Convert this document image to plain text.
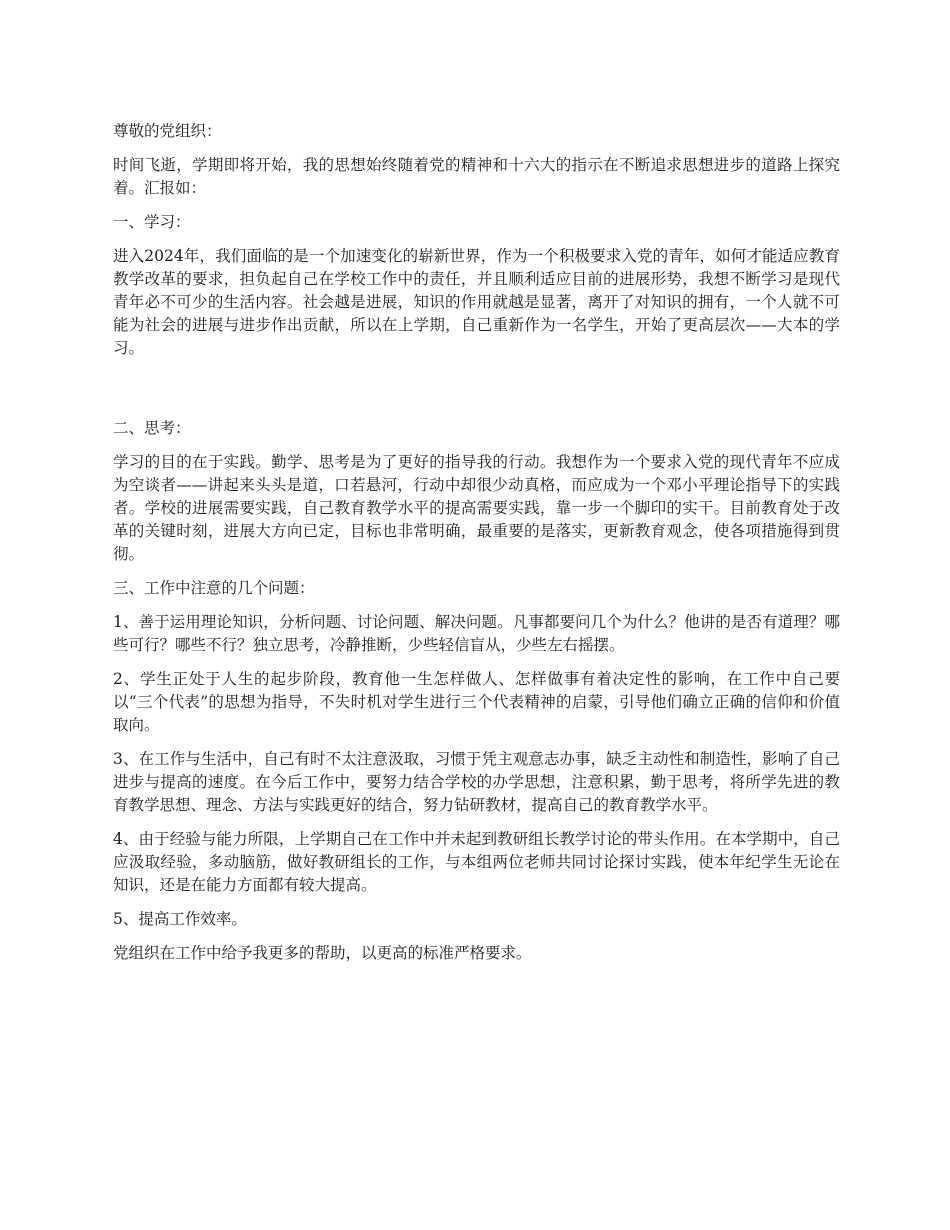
尊敬的党组织：

时间飞逝，学期即将开始，我的思想始终随着党的精神和十六大的指示在不断追求思想进步的道路上探究着。汇报如：

一、学习：

进入2024年，我们面临的是一个加速变化的崭新世界，作为一个积极要求入党的青年，如何才能适应教育教学改革的要求，担负起自己在学校工作中的责任，并且顺利适应目前的进展形势，我想不断学习是现代青年必不可少的生活内容。社会越是进展，知识的作用就越是显著，离开了对知识的拥有，一个人就不可能为社会的进展与进步作出贡献，所以在上学期，自己重新作为一名学生，开始了更高层次——大本的学习。

二、思考：

学习的目的在于实践。勤学、思考是为了更好的指导我的行动。我想作为一个要求入党的现代青年不应成为空谈者——讲起来头头是道，口若悬河，行动中却很少动真格，而应成为一个邓小平理论指导下的实践者。学校的进展需要实践，自己教育教学水平的提高需要实践，靠一步一个脚印的实干。目前教育处于改革的关键时刻，进展大方向已定，目标也非常明确，最重要的是落实，更新教育观念，使各项措施得到贯彻。

三、工作中注意的几个问题：

1、善于运用理论知识，分析问题、讨论问题、解决问题。凡事都要问几个为什么？他讲的是否有道理？哪些可行？哪些不行？独立思考，冷静推断，少些轻信盲从，少些左右摇摆。

2、学生正处于人生的起步阶段，教育他一生怎样做人、怎样做事有着决定性的影响，在工作中自己要以“三个代表”的思想为指导，不失时机对学生进行三个代表精神的启蒙，引导他们确立正确的信仰和价值取向。

3、在工作与生活中，自己有时不太注意汲取，习惯于凭主观意志办事，缺乏主动性和制造性，影响了自己进步与提高的速度。在今后工作中，要努力结合学校的办学思想，注意积累，勤于思考，将所学先进的教育教学思想、理念、方法与实践更好的结合，努力钻研教材，提高自己的教育教学水平。

4、由于经验与能力所限，上学期自己在工作中并未起到教研组长教学讨论的带头作用。在本学期中，自己应汲取经验，多动脑筋，做好教研组长的工作，与本组两位老师共同讨论探讨实践，使本年纪学生无论在知识，还是在能力方面都有较大提高。

5、提高工作效率。

党组织在工作中给予我更多的帮助，以更高的标准严格要求。
